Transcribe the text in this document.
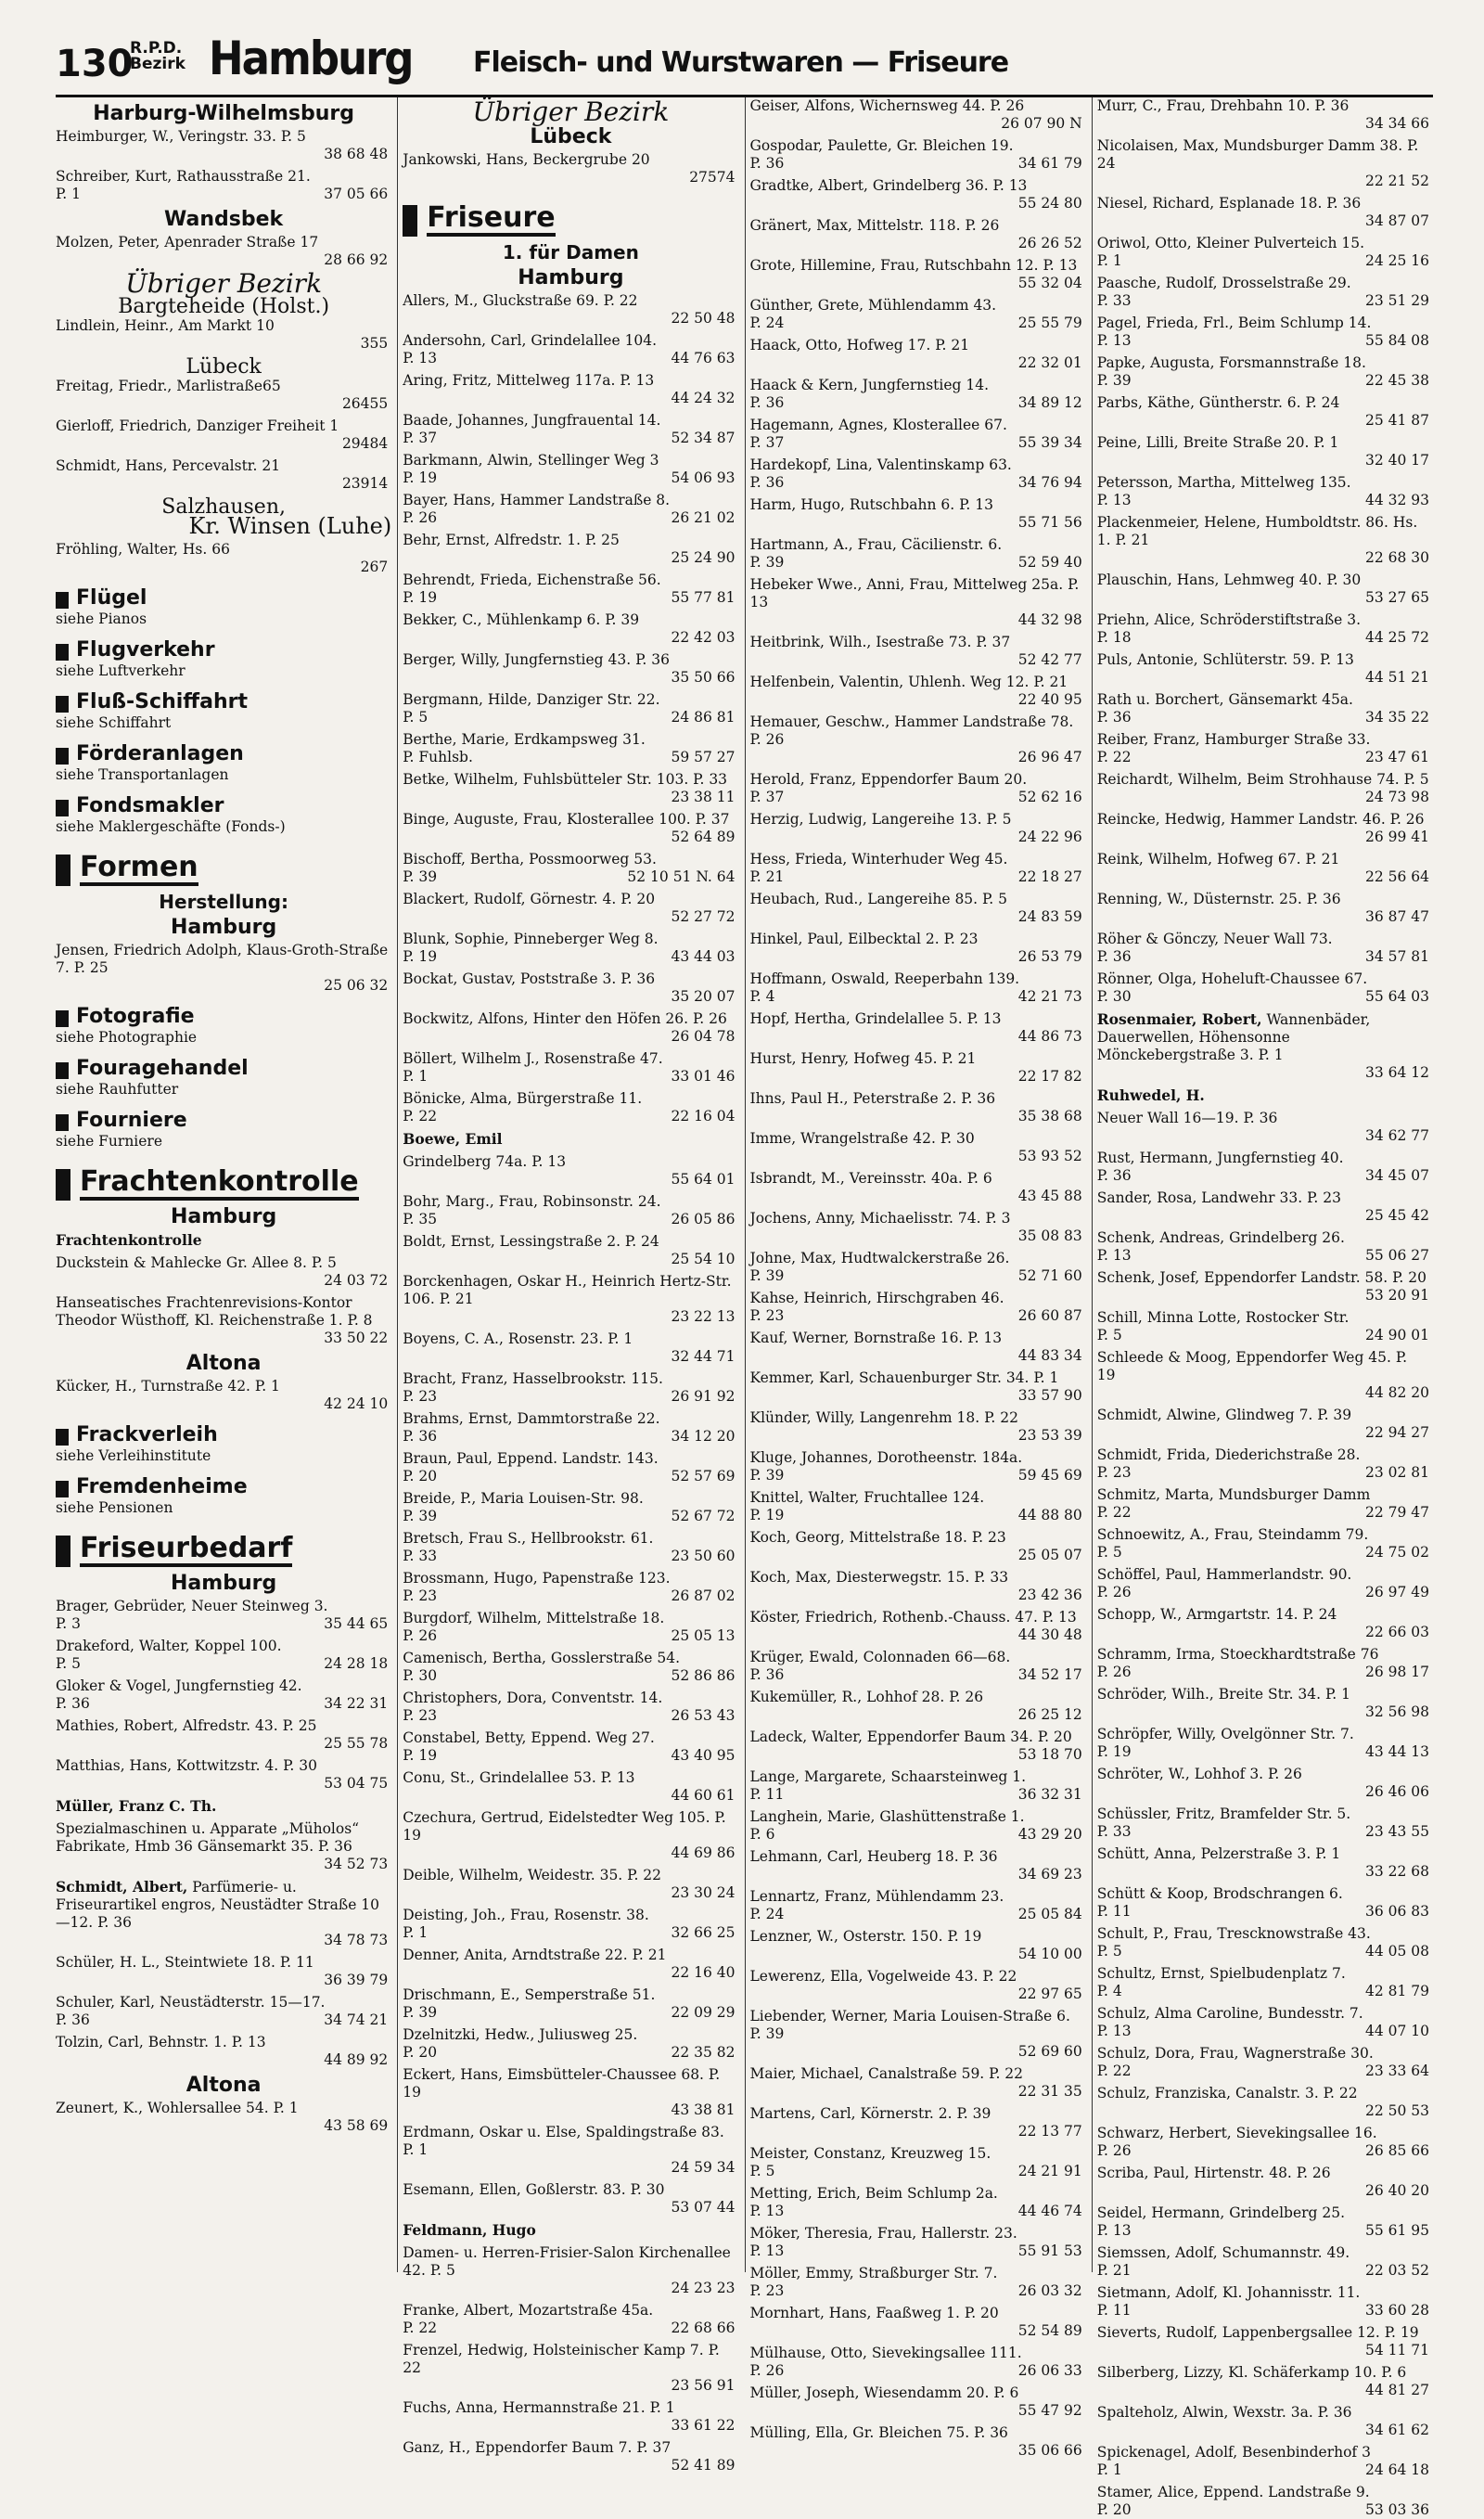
130
R.P.D.
Bezirk Hamburg Fleisch- und Wurstwaren — Friseure
Harburg-Wilhelmsburg
Heimburger, W., Veringstr. 33. P. 5
38 68 48
Schreiber, Kurt, Rathausstraße 21.
P. 1	37 05 66
Wandsbek
Molzen, Peter, Apenrader Straße 17
28 66 92
Übriger Bezirk
Bargteheide (Holst.)
Lindlein, Heinr., Am Markt 10
355
Lübeck
Freitag, Friedr., Marlistraße65
26455
Gierloff, Friedrich, Danziger Freiheit 1
29484
Schmidt, Hans, Percevalstr. 21
23914
Salzhausen,
Kr. Winsen (Luhe)
Fröhling, Walter, Hs. 66
267
Flügel
siehe Pianos
Flugverkehr
siehe Luftverkehr
Fluß-Schiffahrt
siehe Schiffahrt
Förderanlagen
siehe Transportanlagen
Fondsmakler
siehe Maklergeschäfte (Fonds-)
Formen
Herstellung:
Hamburg
Jensen, Friedrich Adolph, Klaus-Groth-Straße 7. P. 25
25 06 32
Fotografie
siehe Photographie
Fouragehandel
siehe Rauhfutter
Fourniere
siehe Furniere
Frachtenkontrolle
Hamburg
Frachtenkontrolle
Duckstein & Mahlecke Gr. Allee 8. P. 5
24 03 72
Hanseatisches Frachtenrevisions-Kontor Theodor Wüsthoff, Kl. Reichenstraße 1. P. 8
33 50 22
Altona
Kücker, H., Turnstraße 42. P. 1
42 24 10
Frackverleih
siehe Verleihinstitute
Fremdenheime
siehe Pensionen
Friseurbedarf
Hamburg
Brager, Gebrüder, Neuer Steinweg 3.
P. 3	35 44 65
Drakeford, Walter, Koppel 100.
P. 5	24 28 18
Gloker & Vogel, Jungfernstieg 42.
P. 36	34 22 31
Mathies, Robert, Alfredstr. 43. P. 25
25 55 78
Matthias, Hans, Kottwitzstr. 4. P. 30
53 04 75
Müller, Franz C. Th.
Spezialmaschinen u. Apparate „Müholos“ Fabrikate, Hmb 36 Gänsemarkt 35. P. 36
34 52 73
Schmidt, Albert, Parfümerie- u. Friseurartikel engros, Neustädter Straße 10—12. P. 36
34 78 73
Schüler, H. L., Steintwiete 18. P. 11
36 39 79
Schuler, Karl, Neustädterstr. 15—17.
P. 36	34 74 21
Tolzin, Carl, Behnstr. 1. P. 13
44 89 92
Altona
Zeunert, K., Wohlersallee 54. P. 1
43 58 69
Übriger Bezirk
Lübeck
Jankowski, Hans, Beckergrube 20
27574
Friseure
1. für Damen
Hamburg
Allers, M., Gluckstraße 69. P. 22
22 50 48
Andersohn, Carl, Grindelallee 104.
P. 13	44 76 63
Aring, Fritz, Mittelweg 117a. P. 13
44 24 32
Baade, Johannes, Jungfrauental 14.
P. 37	52 34 87
Barkmann, Alwin, Stellinger Weg 3
P. 19	54 06 93
Bayer, Hans, Hammer Landstraße 8.
P. 26	26 21 02
Behr, Ernst, Alfredstr. 1. P. 25
25 24 90
Behrendt, Frieda, Eichenstraße 56.
P. 19	55 77 81
Bekker, C., Mühlenkamp 6. P. 39
22 42 03
Berger, Willy, Jungfernstieg 43. P. 36
35 50 66
Bergmann, Hilde, Danziger Str. 22.
P. 5	24 86 81
Berthe, Marie, Erdkampsweg 31.
P. Fuhlsb.	59 57 27
Betke, Wilhelm, Fuhlsbütteler Str. 103. P. 33
23 38 11
Binge, Auguste, Frau, Klosterallee 100. P. 37
52 64 89
Bischoff, Bertha, Possmoorweg 53.
P. 39	52 10 51 N. 64
Blackert, Rudolf, Görnestr. 4. P. 20
52 27 72
Blunk, Sophie, Pinneberger Weg 8.
P. 19	43 44 03
Bockat, Gustav, Poststraße 3. P. 36
35 20 07
Bockwitz, Alfons, Hinter den Höfen 26. P. 26
26 04 78
Böllert, Wilhelm J., Rosenstraße 47.
P. 1	33 01 46
Bönicke, Alma, Bürgerstraße 11.
P. 22	22 16 04
Boewe, Emil
Grindelberg 74a. P. 13
55 64 01
Bohr, Marg., Frau, Robinsonstr. 24.
P. 35	26 05 86
Boldt, Ernst, Lessingstraße 2. P. 24
25 54 10
Borckenhagen, Oskar H., Heinrich Hertz-Str. 106. P. 21
23 22 13
Boyens, C. A., Rosenstr. 23. P. 1
32 44 71
Bracht, Franz, Hasselbrookstr. 115.
P. 23	26 91 92
Brahms, Ernst, Dammtorstraße 22.
P. 36	34 12 20
Braun, Paul, Eppend. Landstr. 143.
P. 20	52 57 69
Breide, P., Maria Louisen-Str. 98.
P. 39	52 67 72
Bretsch, Frau S., Hellbrookstr. 61.
P. 33	23 50 60
Brossmann, Hugo, Papenstraße 123.
P. 23	26 87 02
Burgdorf, Wilhelm, Mittelstraße 18.
P. 26	25 05 13
Camenisch, Bertha, Gosslerstraße 54.
P. 30	52 86 86
Christophers, Dora, Conventstr. 14.
P. 23	26 53 43
Constabel, Betty, Eppend. Weg 27.
P. 19	43 40 95
Conu, St., Grindelallee 53. P. 13
44 60 61
Czechura, Gertrud, Eidelstedter Weg 105. P. 19
44 69 86
Deible, Wilhelm, Weidestr. 35. P. 22
23 30 24
Deisting, Joh., Frau, Rosenstr. 38.
P. 1	32 66 25
Denner, Anita, Arndtstraße 22. P. 21
22 16 40
Drischmann, E., Semperstraße 51.
P. 39	22 09 29
Dzelnitzki, Hedw., Juliusweg 25.
P. 20	22 35 82
Eckert, Hans, Eimsbütteler-Chaussee 68. P. 19
43 38 81
Erdmann, Oskar u. Else, Spaldingstraße 83. P. 1
24 59 34
Esemann, Ellen, Goßlerstr. 83. P. 30
53 07 44
Feldmann, Hugo
Damen- u. Herren-Frisier-Salon Kirchenallee 42. P. 5
24 23 23
Franke, Albert, Mozartstraße 45a.
P. 22	22 68 66
Frenzel, Hedwig, Holsteinischer Kamp 7. P. 22
23 56 91
Fuchs, Anna, Hermannstraße 21. P. 1
33 61 22
Ganz, H., Eppendorfer Baum 7. P. 37
52 41 89
Geiser, Alfons, Wichernsweg 44. P. 26
26 07 90 N
Gospodar, Paulette, Gr. Bleichen 19.
P. 36	34 61 79
Gradtke, Albert, Grindelberg 36. P. 13
55 24 80
Gränert, Max, Mittelstr. 118. P. 26
26 26 52
Grote, Hillemine, Frau, Rutschbahn 12. P. 13
55 32 04
Günther, Grete, Mühlendamm 43.
P. 24	25 55 79
Haack, Otto, Hofweg 17. P. 21
22 32 01
Haack & Kern, Jungfernstieg 14.
P. 36	34 89 12
Hagemann, Agnes, Klosterallee 67.
P. 37	55 39 34
Hardekopf, Lina, Valentinskamp 63.
P. 36	34 76 94
Harm, Hugo, Rutschbahn 6. P. 13
55 71 56
Hartmann, A., Frau, Cäcilienstr. 6.
P. 39	52 59 40
Hebeker Wwe., Anni, Frau, Mittelweg 25a. P. 13
44 32 98
Heitbrink, Wilh., Isestraße 73. P. 37
52 42 77
Helfenbein, Valentin, Uhlenh. Weg 12. P. 21
22 40 95
Hemauer, Geschw., Hammer Landstraße 78. P. 26
26 96 47
Herold, Franz, Eppendorfer Baum 20.
P. 37	52 62 16
Herzig, Ludwig, Langereihe 13. P. 5
24 22 96
Hess, Frieda, Winterhuder Weg 45.
P. 21	22 18 27
Heubach, Rud., Langereihe 85. P. 5
24 83 59
Hinkel, Paul, Eilbecktal 2. P. 23
26 53 79
Hoffmann, Oswald, Reeperbahn 139.
P. 4	42 21 73
Hopf, Hertha, Grindelallee 5. P. 13
44 86 73
Hurst, Henry, Hofweg 45. P. 21
22 17 82
Ihns, Paul H., Peterstraße 2. P. 36
35 38 68
Imme, Wrangelstraße 42. P. 30
53 93 52
Isbrandt, M., Vereinsstr. 40a. P. 6
43 45 88
Jochens, Anny, Michaelisstr. 74. P. 3
35 08 83
Johne, Max, Hudtwalckerstraße 26.
P. 39	52 71 60
Kahse, Heinrich, Hirschgraben 46.
P. 23	26 60 87
Kauf, Werner, Bornstraße 16. P. 13
44 83 34
Kemmer, Karl, Schauenburger Str. 34. P. 1
33 57 90
Klünder, Willy, Langenrehm 18. P. 22
23 53 39
Kluge, Johannes, Dorotheenstr. 184a.
P. 39	59 45 69
Knittel, Walter, Fruchtallee 124.
P. 19	44 88 80
Koch, Georg, Mittelstraße 18. P. 23
25 05 07
Koch, Max, Diesterwegstr. 15. P. 33
23 42 36
Köster, Friedrich, Rothenb.-Chauss. 47. P. 13
44 30 48
Krüger, Ewald, Colonnaden 66—68.
P. 36	34 52 17
Kukemüller, R., Lohhof 28. P. 26
26 25 12
Ladeck, Walter, Eppendorfer Baum 34. P. 20
53 18 70
Lange, Margarete, Schaarsteinweg 1.
P. 11	36 32 31
Langhein, Marie, Glashüttenstraße 1.
P. 6	43 29 20
Lehmann, Carl, Heuberg 18. P. 36
34 69 23
Lennartz, Franz, Mühlendamm 23.
P. 24	25 05 84
Lenzner, W., Osterstr. 150. P. 19
54 10 00
Lewerenz, Ella, Vogelweide 43. P. 22
22 97 65
Liebender, Werner, Maria Louisen-Straße 6. P. 39
52 69 60
Maier, Michael, Canalstraße 59. P. 22
22 31 35
Martens, Carl, Körnerstr. 2. P. 39
22 13 77
Meister, Constanz, Kreuzweg 15.
P. 5	24 21 91
Metting, Erich, Beim Schlump 2a.
P. 13	44 46 74
Möker, Theresia, Frau, Hallerstr. 23.
P. 13	55 91 53
Möller, Emmy, Straßburger Str. 7.
P. 23	26 03 32
Mornhart, Hans, Faaßweg 1. P. 20
52 54 89
Mülhause, Otto, Sievekingsallee 111.
P. 26	26 06 33
Müller, Joseph, Wiesendamm 20. P. 6
55 47 92
Mülling, Ella, Gr. Bleichen 75. P. 36
35 06 66
Murr, C., Frau, Drehbahn 10. P. 36
34 34 66
Nicolaisen, Max, Mundsburger Damm 38. P. 24
22 21 52
Niesel, Richard, Esplanade 18. P. 36
34 87 07
Oriwol, Otto, Kleiner Pulverteich 15.
P. 1	24 25 16
Paasche, Rudolf, Drosselstraße 29.
P. 33	23 51 29
Pagel, Frieda, Frl., Beim Schlump 14.
P. 13	55 84 08
Papke, Augusta, Forsmannstraße 18.
P. 39	22 45 38
Parbs, Käthe, Güntherstr. 6. P. 24
25 41 87
Peine, Lilli, Breite Straße 20. P. 1
32 40 17
Petersson, Martha, Mittelweg 135.
P. 13	44 32 93
Plackenmeier, Helene, Humboldtstr. 86. Hs. 1. P. 21
22 68 30
Plauschin, Hans, Lehmweg 40. P. 30
53 27 65
Priehn, Alice, Schröderstiftstraße 3.
P. 18	44 25 72
Puls, Antonie, Schlüterstr. 59. P. 13
44 51 21
Rath u. Borchert, Gänsemarkt 45a.
P. 36	34 35 22
Reiber, Franz, Hamburger Straße 33.
P. 22	23 47 61
Reichardt, Wilhelm, Beim Strohhause 74. P. 5
24 73 98
Reincke, Hedwig, Hammer Landstr. 46. P. 26
26 99 41
Reink, Wilhelm, Hofweg 67. P. 21
22 56 64
Renning, W., Düsternstr. 25. P. 36
36 87 47
Röher & Gönczy, Neuer Wall 73.
P. 36	34 57 81
Rönner, Olga, Hoheluft-Chaussee 67.
P. 30	55 64 03
Rosenmaier, Robert, Wannenbäder, Dauerwellen, Höhensonne Mönckebergstraße 3. P. 1
33 64 12
Ruhwedel, H.
Neuer Wall 16—19. P. 36
34 62 77
Rust, Hermann, Jungfernstieg 40.
P. 36	34 45 07
Sander, Rosa, Landwehr 33. P. 23
25 45 42
Schenk, Andreas, Grindelberg 26.
P. 13	55 06 27
Schenk, Josef, Eppendorfer Landstr. 58. P. 20
53 20 91
Schill, Minna Lotte, Rostocker Str.
P. 5	24 90 01
Schleede & Moog, Eppendorfer Weg 45. P. 19
44 82 20
Schmidt, Alwine, Glindweg 7. P. 39
22 94 27
Schmidt, Frida, Diederichstraße 28.
P. 23	23 02 81
Schmitz, Marta, Mundsburger Damm
P. 22	22 79 47
Schnoewitz, A., Frau, Steindamm 79.
P. 5	24 75 02
Schöffel, Paul, Hammerlandstr. 90.
P. 26	26 97 49
Schopp, W., Armgartstr. 14. P. 24
22 66 03
Schramm, Irma, Stoeckhardtstraße 76
P. 26	26 98 17
Schröder, Wilh., Breite Str. 34. P. 1
32 56 98
Schröpfer, Willy, Ovelgönner Str. 7.
P. 19	43 44 13
Schröter, W., Lohhof 3. P. 26
26 46 06
Schüssler, Fritz, Bramfelder Str. 5.
P. 33	23 43 55
Schütt, Anna, Pelzerstraße 3. P. 1
33 22 68
Schütt & Koop, Brodschrangen 6.
P. 11	36 06 83
Schult, P., Frau, Trescknowstraße 43.
P. 5	44 05 08
Schultz, Ernst, Spielbudenplatz 7.
P. 4	42 81 79
Schulz, Alma Caroline, Bundesstr. 7.
P. 13	44 07 10
Schulz, Dora, Frau, Wagnerstraße 30.
P. 22	23 33 64
Schulz, Franziska, Canalstr. 3. P. 22
22 50 53
Schwarz, Herbert, Sievekingsallee 16.
P. 26	26 85 66
Scriba, Paul, Hirtenstr. 48. P. 26
26 40 20
Seidel, Hermann, Grindelberg 25.
P. 13	55 61 95
Siemssen, Adolf, Schumannstr. 49.
P. 21	22 03 52
Sietmann, Adolf, Kl. Johannisstr. 11.
P. 11	33 60 28
Sieverts, Rudolf, Lappenbergsallee 12. P. 19
54 11 71
Silberberg, Lizzy, Kl. Schäferkamp 10. P. 6
44 81 27
Spalteholz, Alwin, Wexstr. 3a. P. 36
34 61 62
Spickenagel, Adolf, Besenbinderhof 3
P. 1	24 64 18
Stamer, Alice, Eppend. Landstraße 9.
P. 20	53 03 36
